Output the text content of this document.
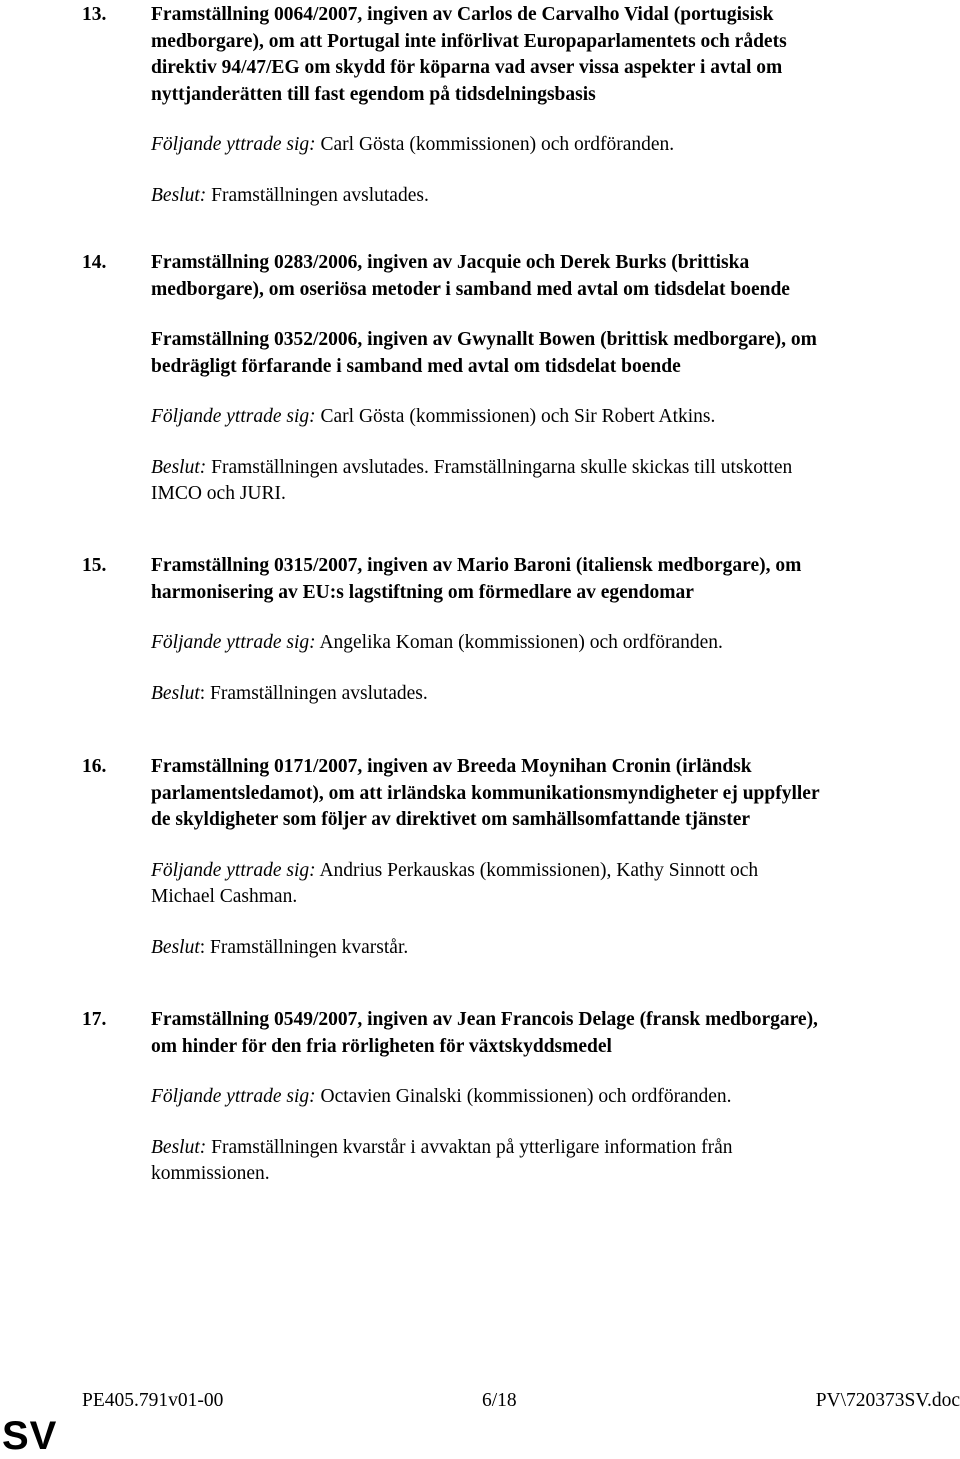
13. Framställning 0064/2007, ingiven av Carlos de Carvalho Vidal (portugisisk
medborgare), om att Portugal inte införlivat Europaparlamentets och rådets
direktiv 94/47/EG om skydd för köparna vad avser vissa aspekter i avtal om
nyttjanderätten till fast egendom på tidsdelningsbasis

Följande yttrade sig: Carl Gösta (kommissionen) och ordföranden.

Beslut: Framställningen avslutades.

14. Framställning 0283/2006, ingiven av Jacquie och Derek Burks (brittiska
medborgare), om oseriösa metoder i samband med avtal om tidsdelat boende

Framställning 0352/2006, ingiven av Gwynallt Bowen (brittisk medborgare), om
bedrägligt förfarande i samband med avtal om tidsdelat boende

Följande yttrade sig: Carl Gösta (kommissionen) och Sir Robert Atkins.

Beslut: Framställningen avslutades. Framställningarna skulle skickas till utskotten
IMCO och JURI.

15. Framställning 0315/2007, ingiven av Mario Baroni (italiensk medborgare), om
harmonisering av EU:s lagstiftning om förmedlare av egendomar

Följande yttrade sig: Angelika Koman (kommissionen) och ordföranden.

Beslut: Framställningen avslutades.

16. Framställning 0171/2007, ingiven av Breeda Moynihan Cronin (irländsk
parlamentsledamot), om att irländska kommunikationsmyndigheter ej uppfyller
de skyldigheter som följer av direktivet om samhällsomfattande tjänster

Följande yttrade sig: Andrius Perkauskas (kommissionen), Kathy Sinnott och
Michael Cashman.

Beslut: Framställningen kvarstår.

17. Framställning 0549/2007, ingiven av Jean Francois Delage (fransk medborgare),
om hinder för den fria rörligheten för växtskyddsmedel

Följande yttrade sig: Octavien Ginalski (kommissionen) och ordföranden.

Beslut: Framställningen kvarstår i avvaktan på ytterligare information från
kommissionen.

PE405.791v01-00	6/18	PV\720373SV.doc
SV
